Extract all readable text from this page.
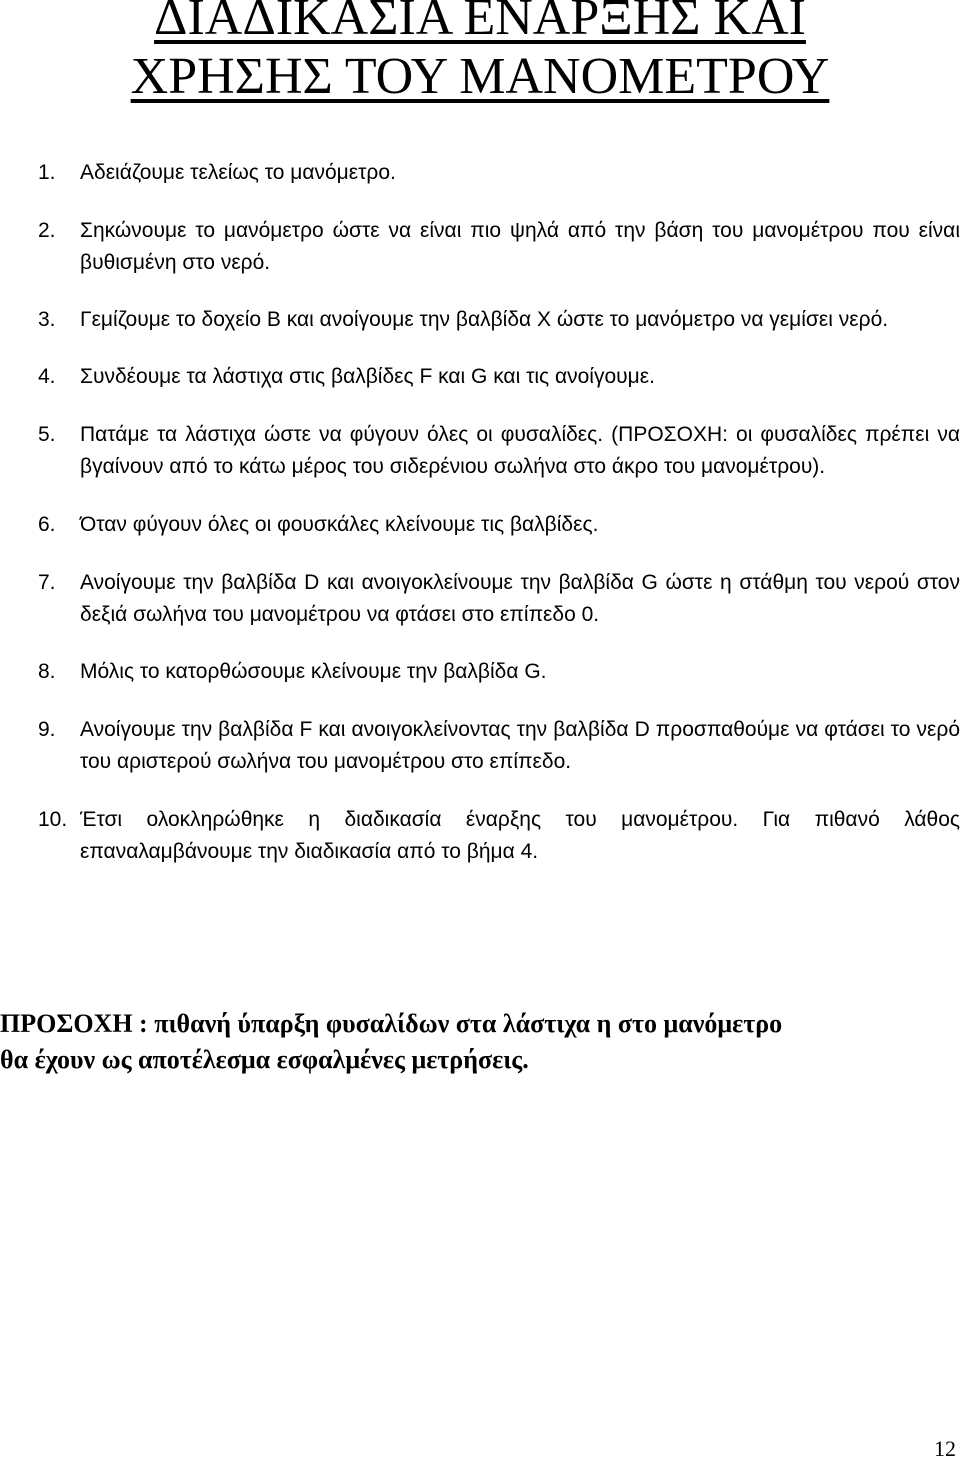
ΔΙΑΔΙΚΑΣΙΑ ΕΝΑΡΞΗΣ ΚΑΙ
ΧΡΗΣΗΣ ΤΟΥ ΜΑΝΟΜΕΤΡΟΥ
1. Αδειάζουμε τελείως το μανόμετρο.
2. Σηκώνουμε το μανόμετρο ώστε να είναι πιο ψηλά από την βάση του μανομέτρου που είναι βυθισμένη στο νερό.
3. Γεμίζουμε το δοχείο Β και ανοίγουμε την βαλβίδα Χ ώστε το μανόμετρο να γεμίσει νερό.
4. Συνδέουμε τα λάστιχα στις βαλβίδες F και G και τις ανοίγουμε.
5. Πατάμε τα λάστιχα ώστε να φύγουν όλες οι φυσαλίδες. (ΠΡΟΣΟΧΗ: οι φυσαλίδες πρέπει να βγαίνουν από το κάτω μέρος του σιδερένιου σωλήνα στο άκρο του μανομέτρου).
6. Όταν φύγουν όλες οι φουσκάλες κλείνουμε τις βαλβίδες.
7. Ανοίγουμε την βαλβίδα D και ανοιγοκλείνουμε την βαλβίδα G ώστε η στάθμη του νερού στον δεξιά σωλήνα του μανομέτρου να φτάσει στο επίπεδο 0.
8. Μόλις το κατορθώσουμε κλείνουμε την βαλβίδα G.
9. Ανοίγουμε την βαλβίδα F και ανοιγοκλείνοντας την βαλβίδα D προσπαθούμε να φτάσει το νερό του αριστερού σωλήνα του μανομέτρου στο επίπεδο.
10. Έτσι ολοκληρώθηκε η διαδικασία έναρξης του μανομέτρου. Για πιθανό λάθος επαναλαμβάνουμε την διαδικασία από το βήμα 4.

ΠΡΟΣΟΧΗ : πιθανή ύπαρξη φυσαλίδων στα λάστιχα η στο μανόμετρο
θα έχουν ως αποτέλεσμα εσφαλμένες μετρήσεις.

12
